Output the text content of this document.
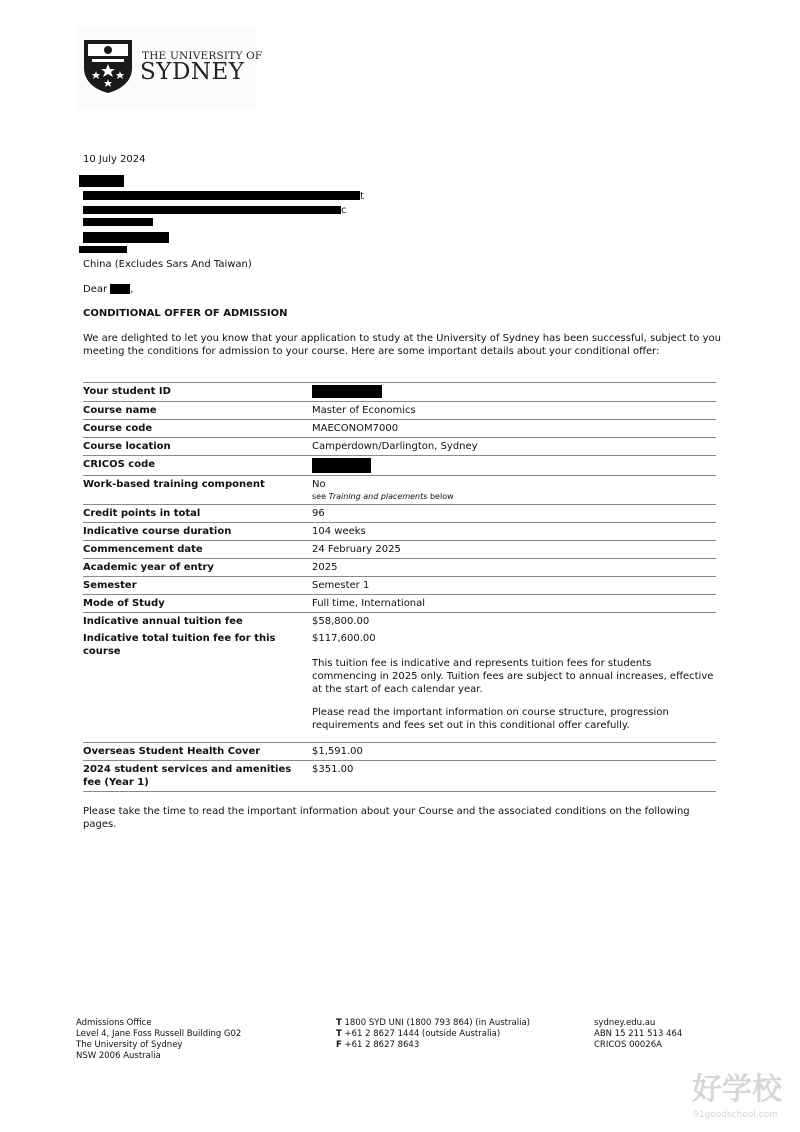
THE UNIVERSITY OF
SYDNEY
10 July 2024
t
c
China (Excludes Sars And Taiwan)
Dear ,
CONDITIONAL OFFER OF ADMISSION
We are delighted to let you know that your application to study at the University of Sydney has been successful, subject to you meeting the conditions for admission to your course. Here are some important details about your conditional offer:
Your student ID	
Course name	Master of Economics
Course code	MAECONOM7000
Course location	Camperdown/Darlington, Sydney
CRICOS code	
Work-based training component	No
see Training and placements below

Credit points in total	96
Indicative course duration	104 weeks
Commencement date	24 February 2025
Academic year of entry	2025
Semester	Semester 1
Mode of Study	Full time, International
Indicative annual tuition fee	$58,800.00
Indicative total tuition fee for this course	$117,600.00
This tuition fee is indicative and represents tuition fees for students commencing in 2025 only. Tuition fees are subject to annual increases, effective at the start of each calendar year.
Please read the important information on course structure, progression requirements and fees set out in this conditional offer carefully.

Overseas Student Health Cover	$1,591.00
2024 student services and amenities fee (Year 1)	$351.00
Please take the time to read the important information about your Course and the associated conditions on the following pages.
Admissions Office
Level 4, Jane Foss Russell Building G02
The University of Sydney
NSW 2006 Australia
T 1800 SYD UNI (1800 793 864) (in Australia)
T +61 2 8627 1444 (outside Australia)
F +61 2 8627 8643
sydney.edu.au
ABN 15 211 513 464
CRICOS 00026A
好学校
91goodschool.com
